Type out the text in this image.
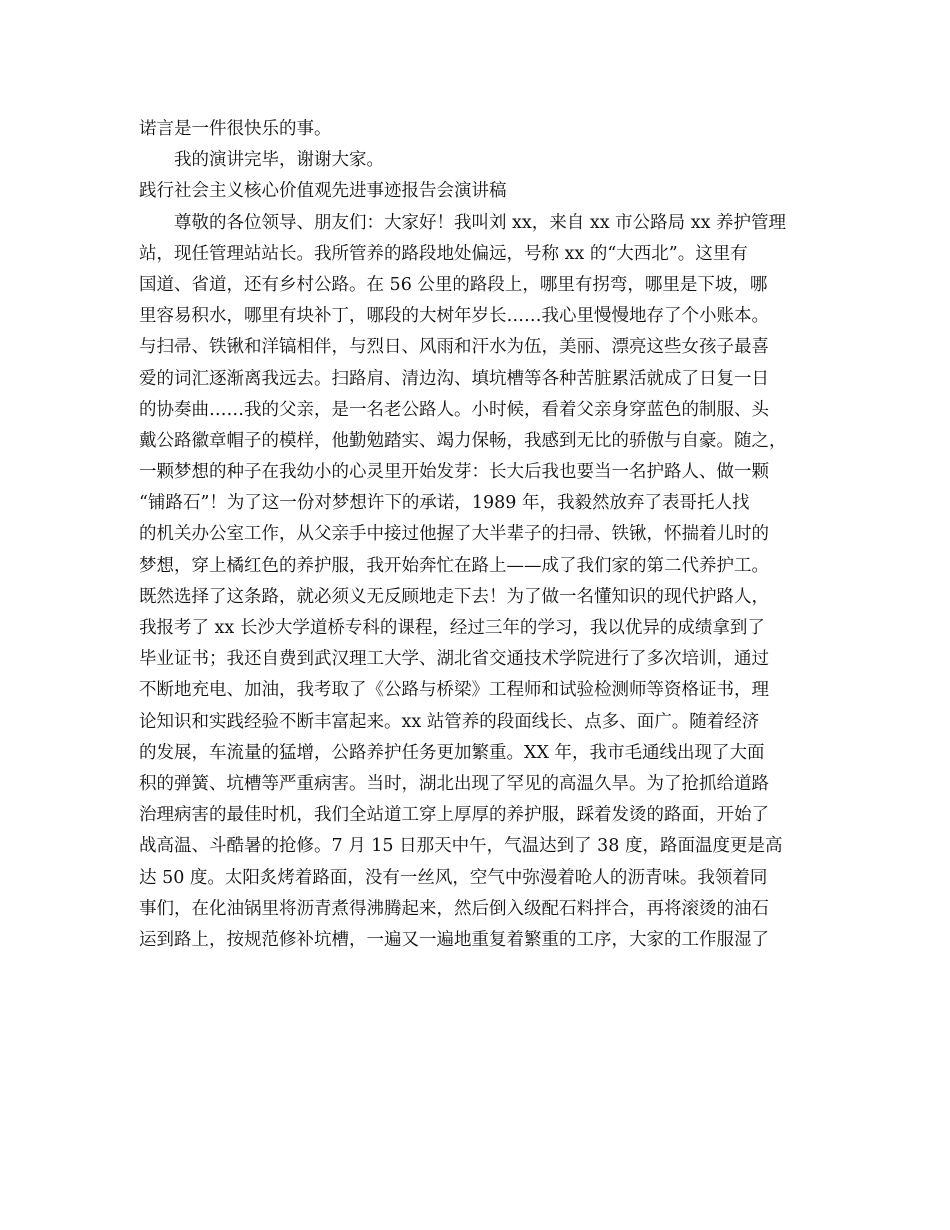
诺言是一件很快乐的事。
我的演讲完毕，谢谢大家。
践行社会主义核心价值观先进事迹报告会演讲稿
尊敬的各位领导、朋友们：大家好！我叫刘 xx，来自 xx 市公路局 xx 养护管理
站，现任管理站站长。我所管养的路段地处偏远，号称 xx 的“大西北”。这里有
国道、省道，还有乡村公路。在 56 公里的路段上，哪里有拐弯，哪里是下坡，哪
里容易积水，哪里有块补丁，哪段的大树年岁长……我心里慢慢地存了个小账本。
与扫帚、铁锹和洋镐相伴，与烈日、风雨和汗水为伍，美丽、漂亮这些女孩子最喜
爱的词汇逐渐离我远去。扫路肩、清边沟、填坑槽等各种苦脏累活就成了日复一日
的协奏曲……我的父亲，是一名老公路人。小时候，看着父亲身穿蓝色的制服、头
戴公路徽章帽子的模样，他勤勉踏实、竭力保畅，我感到无比的骄傲与自豪。随之，
一颗梦想的种子在我幼小的心灵里开始发芽：长大后我也要当一名护路人、做一颗
“铺路石”！为了这一份对梦想许下的承诺，1989 年，我毅然放弃了表哥托人找
的机关办公室工作，从父亲手中接过他握了大半辈子的扫帚、铁锹，怀揣着儿时的
梦想，穿上橘红色的养护服，我开始奔忙在路上——成了我们家的第二代养护工。
既然选择了这条路，就必须义无反顾地走下去！为了做一名懂知识的现代护路人，
我报考了 xx 长沙大学道桥专科的课程，经过三年的学习，我以优异的成绩拿到了
毕业证书；我还自费到武汉理工大学、湖北省交通技术学院进行了多次培训，通过
不断地充电、加油，我考取了《公路与桥梁》工程师和试验检测师等资格证书，理
论知识和实践经验不断丰富起来。xx 站管养的段面线长、点多、面广。随着经济
的发展，车流量的猛增，公路养护任务更加繁重。XX 年，我市毛通线出现了大面
积的弹簧、坑槽等严重病害。当时，湖北出现了罕见的高温久旱。为了抢抓给道路
治理病害的最佳时机，我们全站道工穿上厚厚的养护服，踩着发烫的路面，开始了
战高温、斗酷暑的抢修。7 月 15 日那天中午，气温达到了 38 度，路面温度更是高
达 50 度。太阳炙烤着路面，没有一丝风，空气中弥漫着呛人的沥青味。我领着同
事们，在化油锅里将沥青煮得沸腾起来，然后倒入级配石料拌合，再将滚烫的油石
运到路上，按规范修补坑槽，一遍又一遍地重复着繁重的工序，大家的工作服湿了
